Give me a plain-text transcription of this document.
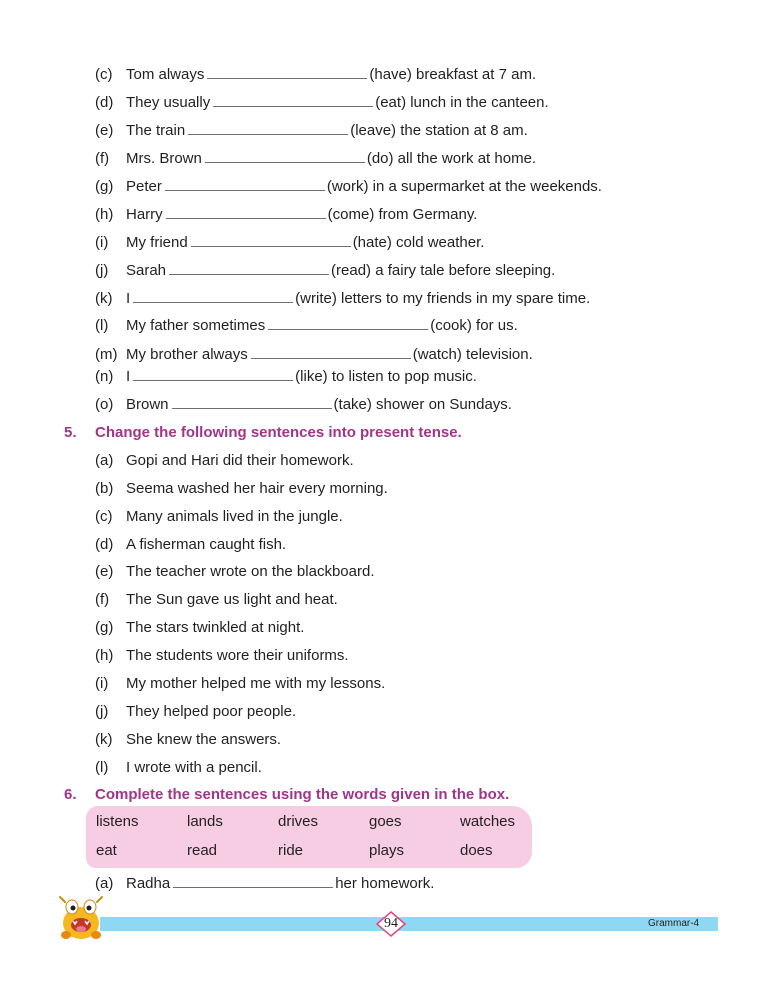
(c) Tom always	(have) breakfast at 7 am.
(d) They usually	(eat) lunch in the canteen.
(e) The train	(leave) the station at 8 am.
(f) Mrs. Brown	(do) all the work at home.
(g) Peter	(work) in a supermarket at the weekends.
(h) Harry	(come) from Germany.
(i) My friend	(hate) cold weather.
(j) Sarah	(read) a fairy tale before sleeping.
(k) I	(write) letters to my friends in my spare time.
(l) My father sometimes	(cook) for us.
(m) My brother always	(watch) television.
(n) I	(like) to listen to pop music.
(o) Brown	(take) shower on Sundays.
5. Change the following sentences into present tense.
(a) Gopi and Hari did their homework.
(b) Seema washed her hair every morning.
(c) Many animals lived in the jungle.
(d) A fisherman caught fish.
(e) The teacher wrote on the blackboard.
(f) The Sun gave us light and heat.
(g) The stars twinkled at night.
(h) The students wore their uniforms.
(i) My mother helped me with my lessons.
(j) They helped poor people.
(k) She knew the answers.
(l) I wrote with a pencil.
6. Complete the sentences using the words given in the box.
listens	lands	drives	goes	watches
eat	read	ride	plays	does
(a) Radha	her homework.
94	Grammar-4
